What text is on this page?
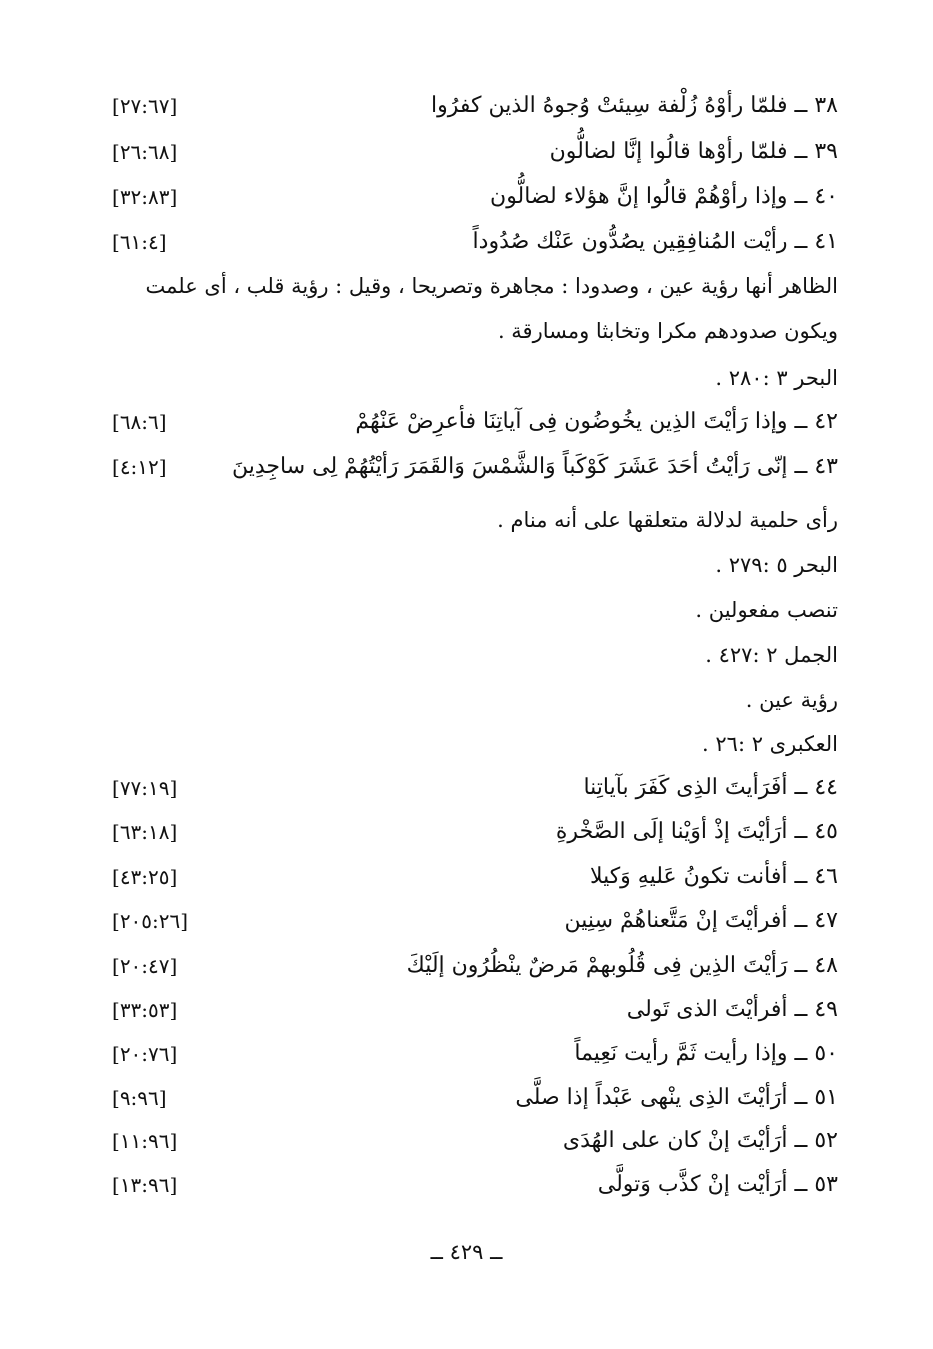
٣٨ ــ فلمّا رأوْهُ زُلْفة سِيئتْ وُجوهُ الذين كفرُوا
[٢٧:٦٧]
٣٩ ــ فلمّا رأوْها قالُوا إنَّا لضالُّون
[٢٦:٦٨]
٤٠ ــ وإذا رأوْهُمْ قالُوا إنَّ هؤلاء لضالُّون
[٣٢:٨٣]
٤١ ــ رأيْت المُنافِقِين يصُدُّون عَنْك صُدُوداً
[٦١:٤]
الظاهر أنها رؤية عين ، وصدودا : مجاهرة وتصريحا ، وقيل : رؤية قلب ، أى علمت ويكون صدودهم مكرا وتخابثا ومسارقة .
البحر ٣ :٢٨٠ .
٤٢ ــ وإذا رَأيْتَ الذِين يخُوضُون فِى آياتِنَا فأعرِضْ عَنْهُمْ
[٦٨:٦]
٤٣ ــ إنّى رَأيْتُ أحَدَ عَشَرَ كَوْكَباً وَالشَّمْسَ وَالقَمَرَ رَأيْتُهُمْ لِى ساجِدِينَ
[٤:١٢]
رأى حلمية لدلالة متعلقها على أنه منام .
البحر ٥ :٢٧٩ .
تنصب مفعولين .
الجمل ٢ :٤٢٧ .
رؤية عين .
العكبرى ٢ :٢٦ .
٤٤ ــ أفَرَأيتَ الذِى كَفَرَ بآياتِنا
[٧٧:١٩]
٤٥ ــ أرَأيْتَ إذْ أوَيْنا إلَى الصَّخْرةِ
[٦٣:١٨]
٤٦ ــ أفأنت تكونُ عَليهِ وَكيلا
[٤٣:٢٥]
٤٧ ــ أفرأيْتَ إنْ مَتَّعناهُمْ سِنِين
[٢٠٥:٢٦]
٤٨ ــ رَأيْتَ الذِين فِى قُلُوبهمْ مَرضٌ ينْظُرُون إلَيْكَ
[٢٠:٤٧]
٤٩ ــ أفرأيْتَ الذى تَولى
[٣٣:٥٣]
٥٠ ــ وإذا رأيت ثَمَّ رأيت نَعِيماً
[٢٠:٧٦]
٥١ ــ أرَأيْتَ الذِى ينْهى عَبْداً إذا صلَّى
[٩:٩٦]
٥٢ ــ أرَأيْتَ إنْ كان على الهُدَى
[١١:٩٦]
٥٣ ــ أرَأيْت إنْ كذَّب وَتولَّى
[١٣:٩٦]
ــ ٤٢٩ ــ
